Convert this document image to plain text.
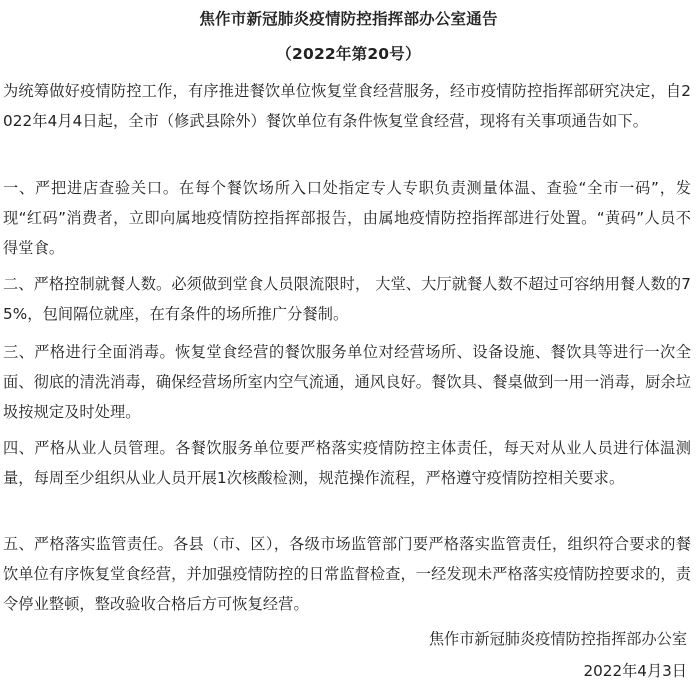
焦作市新冠肺炎疫情防控指挥部办公室通告
（2022年第20号）
为统筹做好疫情防控工作，有序推进餐饮单位恢复堂食经营服务，经市疫情防控指挥部研究决定，自2022年4月4日起，全市（修武县除外）餐饮单位有条件恢复堂食经营，现将有关事项通告如下。
一、严把进店查验关口。在每个餐饮场所入口处指定专人专职负责测量体温、查验“全市一码”，发现“红码”消费者，立即向属地疫情防控指挥部报告，由属地疫情防控指挥部进行处置。“黄码”人员不得堂食。
二、严格控制就餐人数。必须做到堂食人员限流限时， 大堂、大厅就餐人数不超过可容纳用餐人数的75%，包间隔位就座，在有条件的场所推广分餐制。
三、严格进行全面消毒。恢复堂食经营的餐饮服务单位对经营场所、设备设施、餐饮具等进行一次全面、彻底的清洗消毒，确保经营场所室内空气流通，通风良好。餐饮具、餐桌做到一用一消毒，厨余垃圾按规定及时处理。
四、严格从业人员管理。各餐饮服务单位要严格落实疫情防控主体责任，每天对从业人员进行体温测量，每周至少组织从业人员开展1次核酸检测，规范操作流程，严格遵守疫情防控相关要求。
五、严格落实监管责任。各县（市、区），各级市场监管部门要严格落实监管责任，组织符合要求的餐饮单位有序恢复堂食经营，并加强疫情防控的日常监督检查，一经发现未严格落实疫情防控要求的，责令停业整顿，整改验收合格后方可恢复经营。
焦作市新冠肺炎疫情防控指挥部办公室
2022年4月3日
